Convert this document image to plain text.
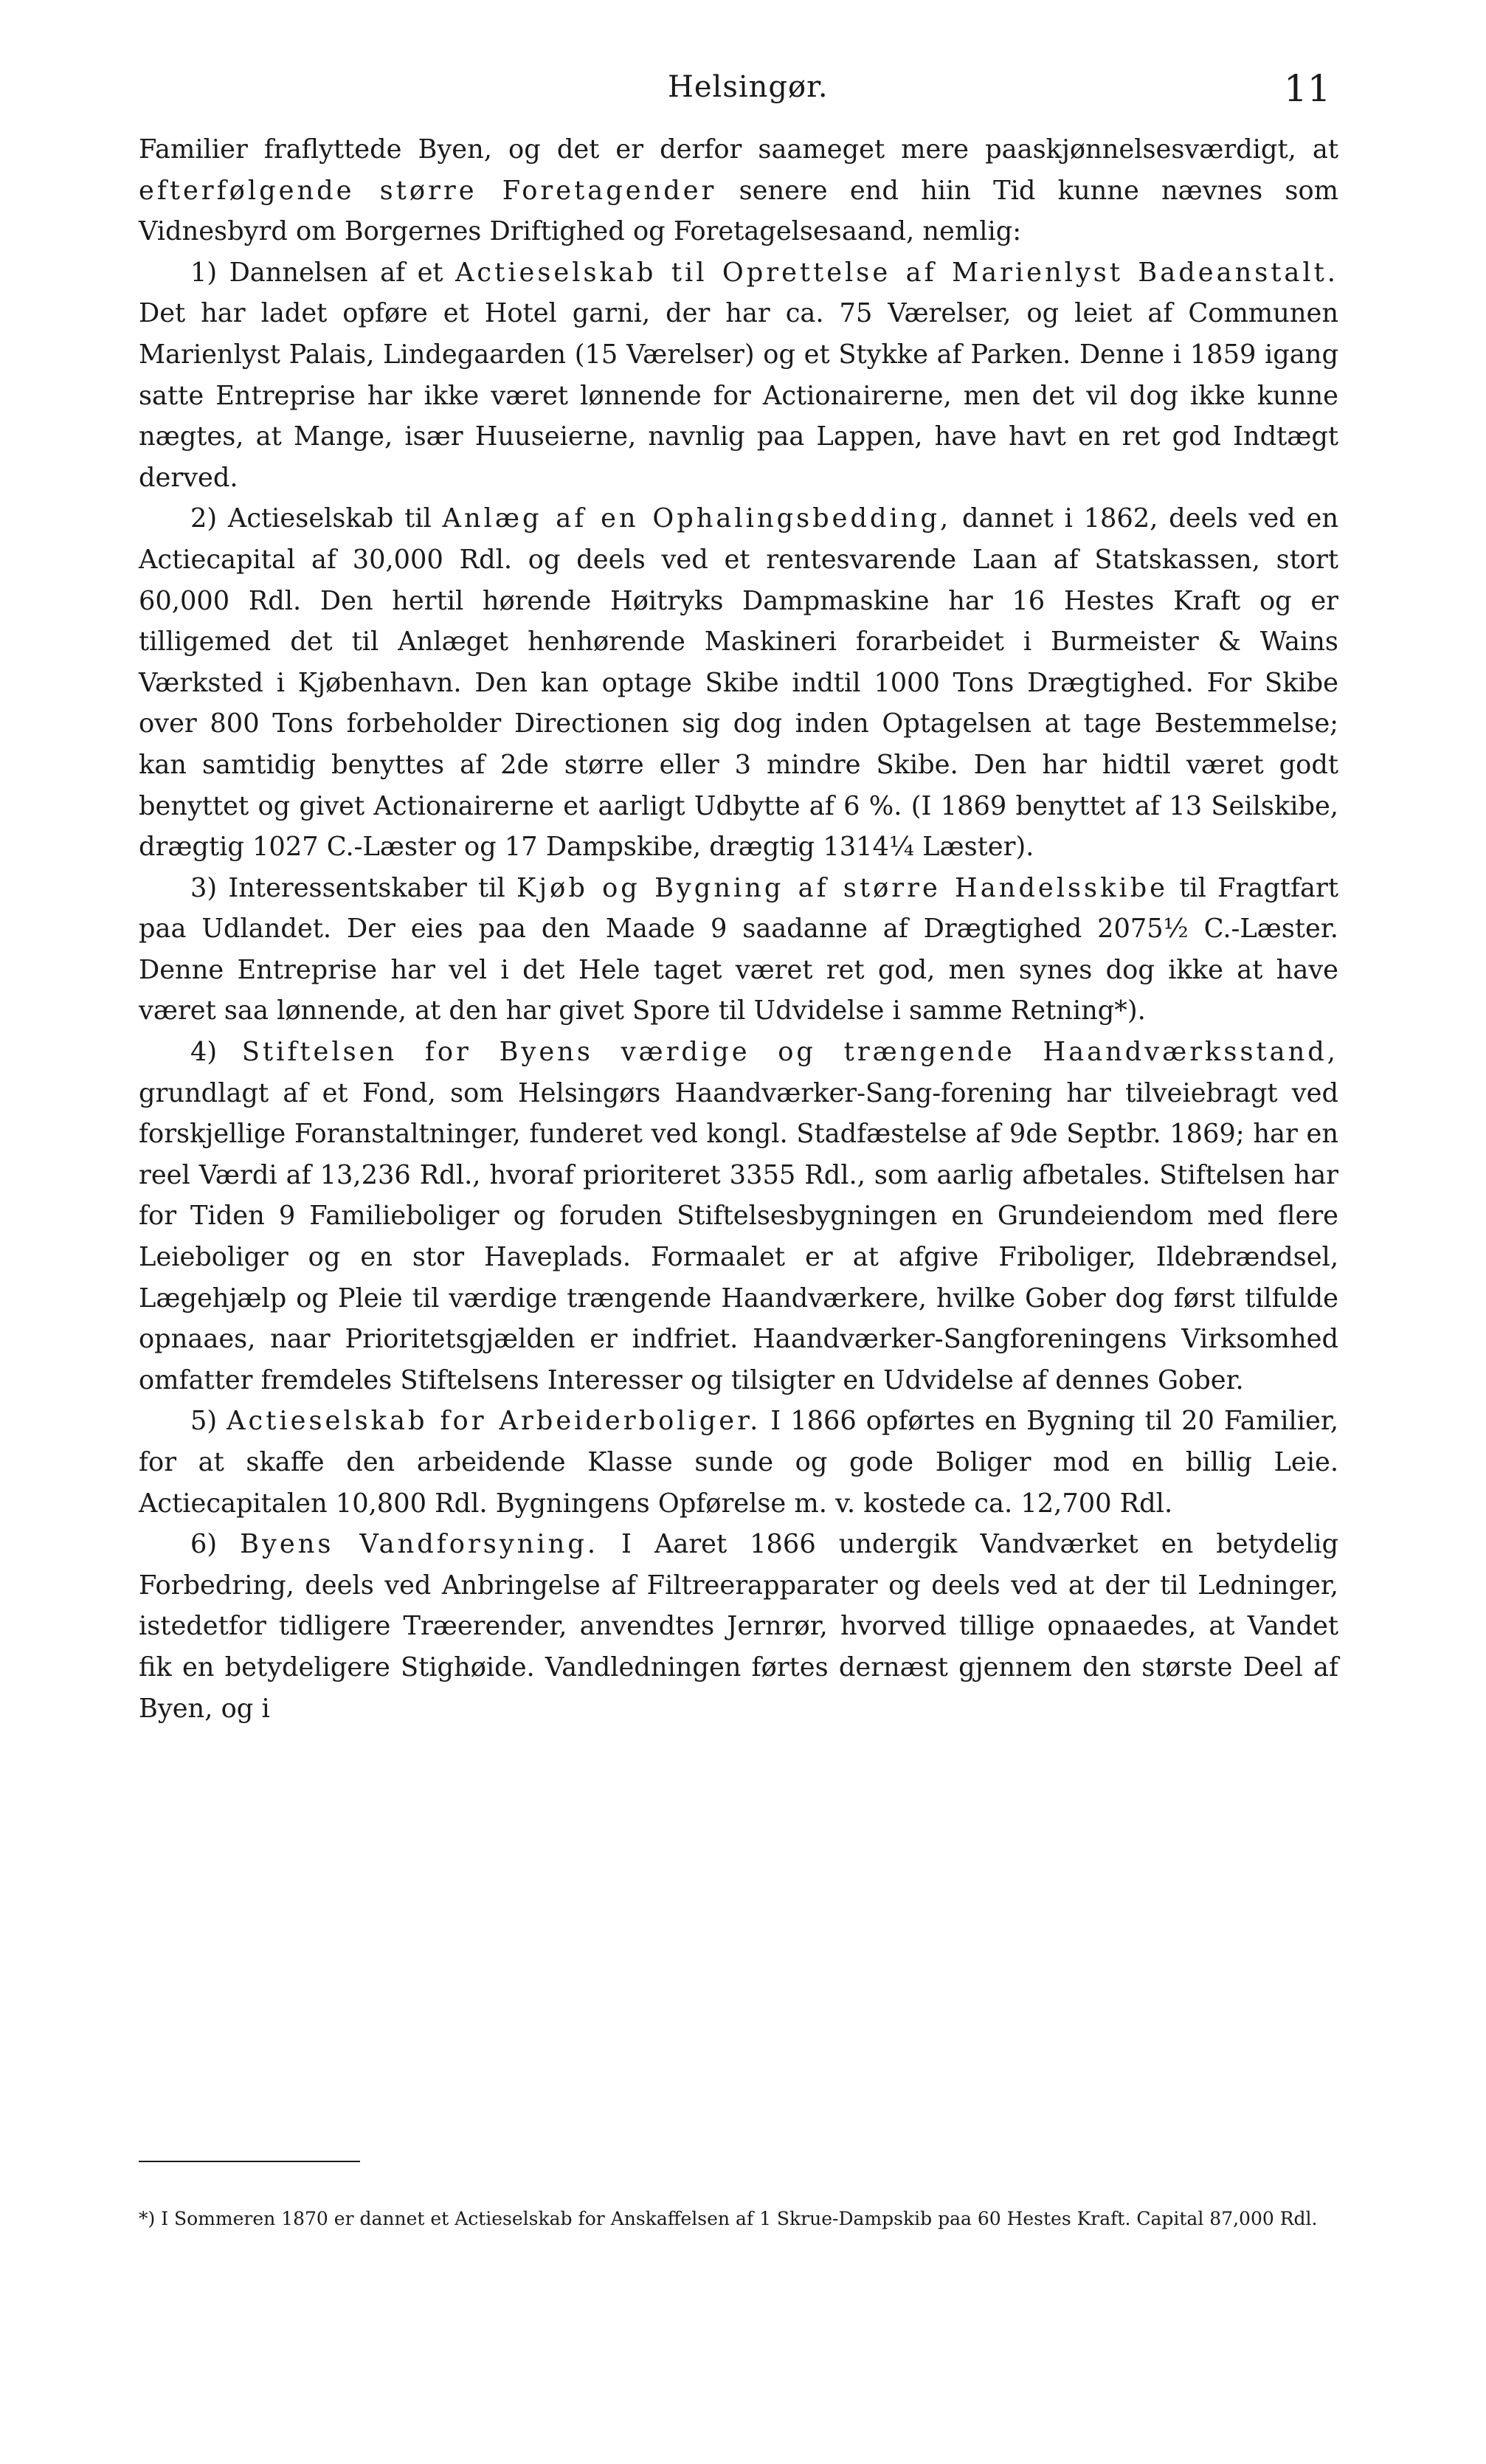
Helsingør.	11

Familier fraflyttede Byen, og det er derfor saameget mere paaskjønnelsesværdigt, at efterfølgende større Foretagender senere end hiin Tid kunne nævnes som Vidnesbyrd om Borgernes Driftighed og Foretagelsesaand, nemlig:

1) Dannelsen af et Actieselskab til Oprettelse af Marienlyst Badeanstalt. Det har ladet opføre et Hotel garni, der har ca. 75 Værelser, og leiet af Communen Marienlyst Palais, Lindegaarden (15 Værelser) og et Stykke af Parken. Denne i 1859 igang satte Entreprise har ikke været lønnende for Actionairerne, men det vil dog ikke kunne nægtes, at Mange, især Huuseierne, navnlig paa Lappen, have havt en ret god Indtægt derved.

2) Actieselskab til Anlæg af en Ophalingsbedding, dannet i 1862, deels ved en Actiecapital af 30,000 Rdl. og deels ved et rentesvarende Laan af Statskassen, stort 60,000 Rdl. Den hertil hørende Høitryks Dampmaskine har 16 Hestes Kraft og er tilligemed det til Anlæget henhørende Maskineri forarbeidet i Burmeister & Wains Værksted i Kjøbenhavn. Den kan optage Skibe indtil 1000 Tons Drægtighed. For Skibe over 800 Tons forbeholder Directionen sig dog inden Optagelsen at tage Bestemmelse; kan samtidig benyttes af 2de større eller 3 mindre Skibe. Den har hidtil været godt benyttet og givet Actionairerne et aarligt Udbytte af 6 %. (I 1869 benyttet af 13 Seilskibe, drægtig 1027 C.-Læster og 17 Dampskibe, drægtig 1314¼ Læster).

3) Interessentskaber til Kjøb og Bygning af større Handelsskibe til Fragtfart paa Udlandet. Der eies paa den Maade 9 saadanne af Drægtighed 2075½ C.-Læster. Denne Entreprise har vel i det Hele taget været ret god, men synes dog ikke at have været saa lønnende, at den har givet Spore til Udvidelse i samme Retning*).

4) Stiftelsen for Byens værdige og trængende Haandværksstand, grundlagt af et Fond, som Helsingørs Haandværker-Sang-forening har tilveiebragt ved forskjellige Foranstaltninger, funderet ved kongl. Stadfæstelse af 9de Septbr. 1869; har en reel Værdi af 13,236 Rdl., hvoraf prioriteret 3355 Rdl., som aarlig afbetales. Stiftelsen har for Tiden 9 Familieboliger og foruden Stiftelsesbygningen en Grundeiendom med flere Leieboliger og en stor Haveplads. Formaalet er at afgive Friboliger, Ildebrændsel, Lægehjælp og Pleie til værdige trængende Haandværkere, hvilke Gober dog først tilfulde opnaaes, naar Prioritetsgjælden er indfriet. Haandværker-Sangforeningens Virksomhed omfatter fremdeles Stiftelsens Interesser og tilsigter en Udvidelse af dennes Gober.

5) Actieselskab for Arbeiderboliger. I 1866 opførtes en Bygning til 20 Familier, for at skaffe den arbeidende Klasse sunde og gode Boliger mod en billig Leie. Actiecapitalen 10,800 Rdl. Bygningens Opførelse m. v. kostede ca. 12,700 Rdl.

6) Byens Vandforsyning. I Aaret 1866 undergik Vandværket en betydelig Forbedring, deels ved Anbringelse af Filtreerapparater og deels ved at der til Ledninger, istedetfor tidligere Træerender, anvendtes Jernrør, hvorved tillige opnaaedes, at Vandet fik en betydeligere Stighøide. Vandledningen førtes dernæst gjennem den største Deel af Byen, og i

*) I Sommeren 1870 er dannet et Actieselskab for Anskaffelsen af 1 Skrue-Dampskib paa 60 Hestes Kraft. Capital 87,000 Rdl.
